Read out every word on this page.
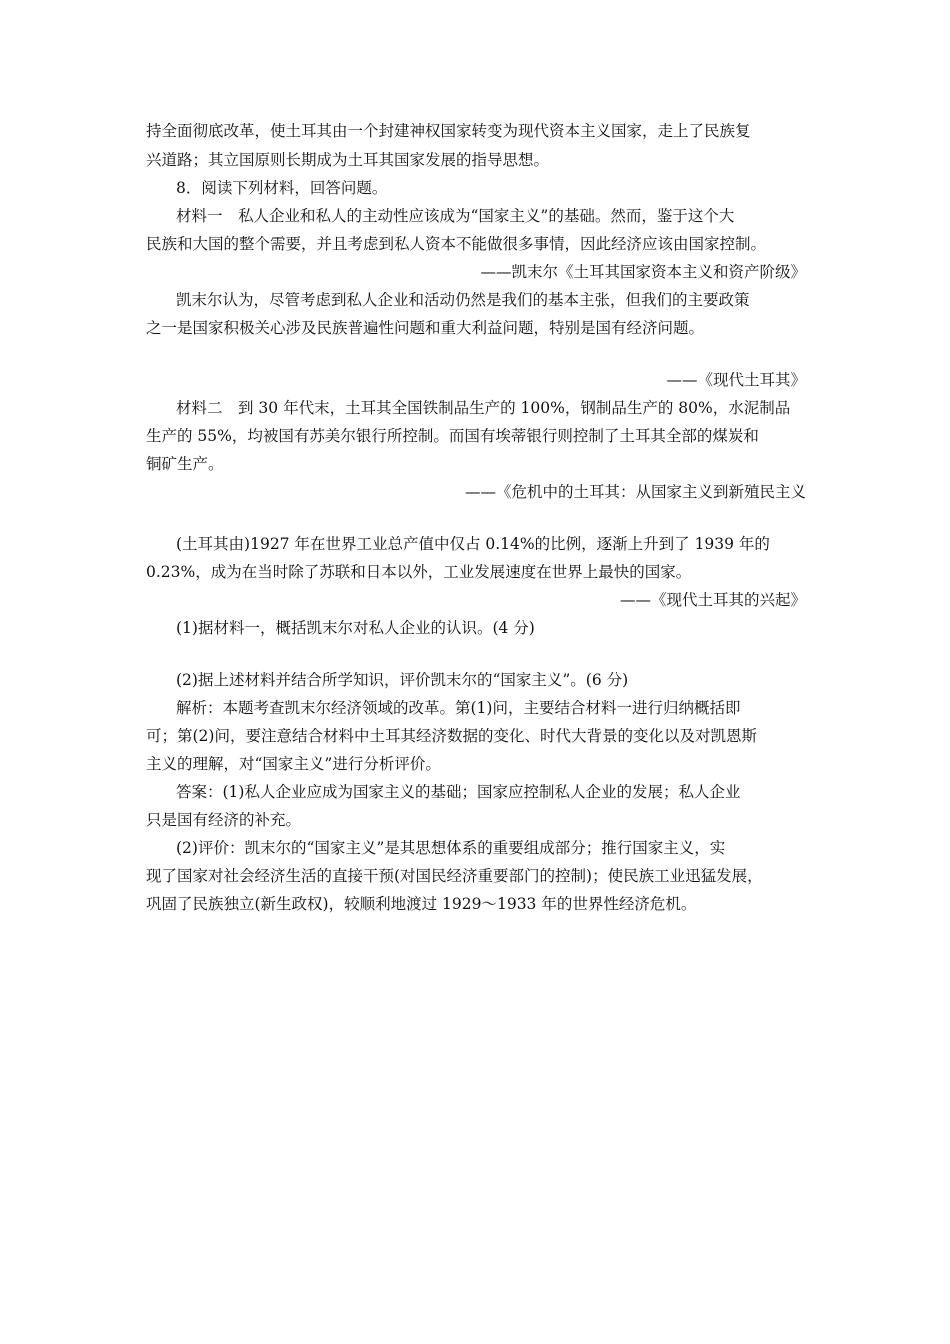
持全面彻底改革，使土耳其由一个封建神权国家转变为现代资本主义国家，走上了民族复
兴道路；其立国原则长期成为土耳其国家发展的指导思想。
8．阅读下列材料，回答问题。
材料一　私人企业和私人的主动性应该成为“国家主义”的基础。然而，鉴于这个大
民族和大国的整个需要，并且考虑到私人资本不能做很多事情，因此经济应该由国家控制。
——凯末尔《土耳其国家资本主义和资产阶级》
凯末尔认为，尽管考虑到私人企业和活动仍然是我们的基本主张，但我们的主要政策
之一是国家积极关心涉及民族普遍性问题和重大利益问题，特别是国有经济问题。
——《现代土耳其》
材料二　到 30 年代末，土耳其全国铁制品生产的 100%，钢制品生产的 80%，水泥制品
生产的 55%，均被国有苏美尔银行所控制。而国有埃蒂银行则控制了土耳其全部的煤炭和
铜矿生产。
——《危机中的土耳其：从国家主义到新殖民主义
(土耳其由)1927 年在世界工业总产值中仅占 0.14%的比例，逐渐上升到了 1939 年的
0.23%，成为在当时除了苏联和日本以外，工业发展速度在世界上最快的国家。
——《现代土耳其的兴起》
(1)据材料一，概括凯末尔对私人企业的认识。(4 分)
(2)据上述材料并结合所学知识，评价凯末尔的“国家主义”。(6 分)
解析：本题考查凯末尔经济领域的改革。第(1)问，主要结合材料一进行归纳概括即
可；第(2)问，要注意结合材料中土耳其经济数据的变化、时代大背景的变化以及对凯恩斯
主义的理解，对“国家主义”进行分析评价。
答案：(1)私人企业应成为国家主义的基础；国家应控制私人企业的发展；私人企业
只是国有经济的补充。
(2)评价：凯末尔的“国家主义”是其思想体系的重要组成部分；推行国家主义，实
现了国家对社会经济生活的直接干预(对国民经济重要部门的控制)；使民族工业迅猛发展，
巩固了民族独立(新生政权)，较顺利地渡过 1929～1933 年的世界性经济危机。
